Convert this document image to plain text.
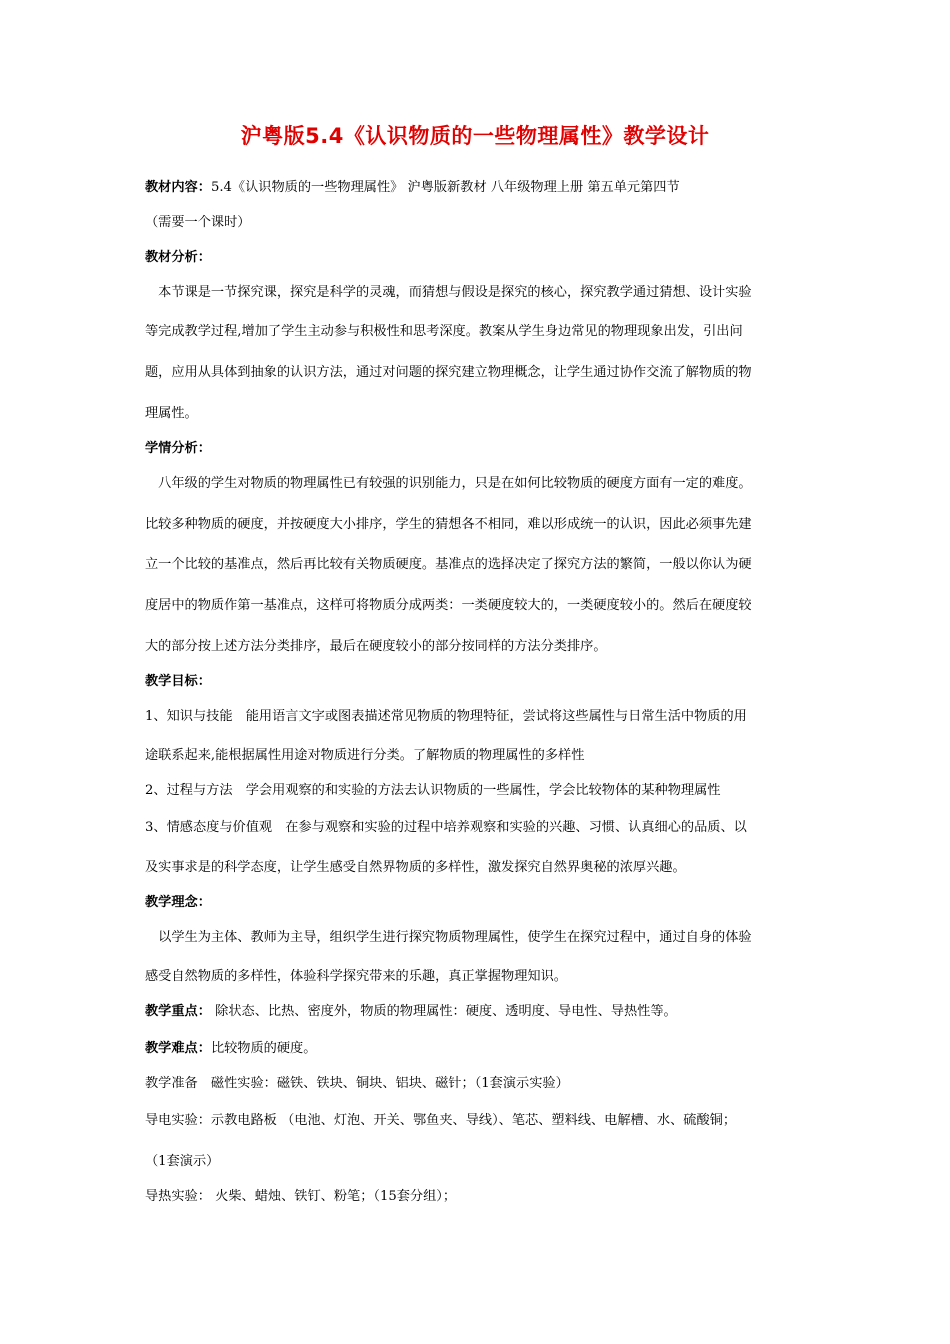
沪粤版5.4《认识物质的一些物理属性》教学设计
教材内容：5.4《认识物质的一些物理属性》 沪粤版新教材 八年级物理上册 第五单元第四节
（需要一个课时）
教材分析：
　本节课是一节探究课，探究是科学的灵魂，而猜想与假设是探究的核心，探究教学通过猜想、设计实验
等完成教学过程,增加了学生主动参与积极性和思考深度。教案从学生身边常见的物理现象出发，引出问
题，应用从具体到抽象的认识方法，通过对问题的探究建立物理概念，让学生通过协作交流了解物质的物
理属性。
学情分析：
　八年级的学生对物质的物理属性已有较强的识别能力，只是在如何比较物质的硬度方面有一定的难度。
比较多种物质的硬度，并按硬度大小排序，学生的猜想各不相同，难以形成统一的认识，因此必须事先建
立一个比较的基准点，然后再比较有关物质硬度。基准点的选择决定了探究方法的繁简，一般以你认为硬
度居中的物质作第一基准点，这样可将物质分成两类：一类硬度较大的，一类硬度较小的。然后在硬度较
大的部分按上述方法分类排序，最后在硬度较小的部分按同样的方法分类排序。
教学目标：
1、知识与技能　能用语言文字或图表描述常见物质的物理特征，尝试将这些属性与日常生活中物质的用
途联系起来,能根据属性用途对物质进行分类。了解物质的物理属性的多样性
2、过程与方法　学会用观察的和实验的方法去认识物质的一些属性，学会比较物体的某种物理属性
3、情感态度与价值观　在参与观察和实验的过程中培养观察和实验的兴趣、习惯、认真细心的品质、以
及实事求是的科学态度，让学生感受自然界物质的多样性，激发探究自然界奥秘的浓厚兴趣。
教学理念：
　以学生为主体、教师为主导，组织学生进行探究物质物理属性，使学生在探究过程中，通过自身的体验
感受自然物质的多样性，体验科学探究带来的乐趣，真正掌握物理知识。
教学重点： 除状态、比热、密度外，物质的物理属性：硬度、透明度、导电性、导热性等。
教学难点：比较物质的硬度。
教学准备　磁性实验：磁铁、铁块、铜块、铝块、磁针；（1套演示实验）
导电实验：示教电路板 （电池、灯泡、开关、鄂鱼夹、导线）、笔芯、塑料线、电解槽、水、硫酸铜；
（1套演示）
导热实验： 火柴、蜡烛、铁钉、粉笔；（15套分组）；
